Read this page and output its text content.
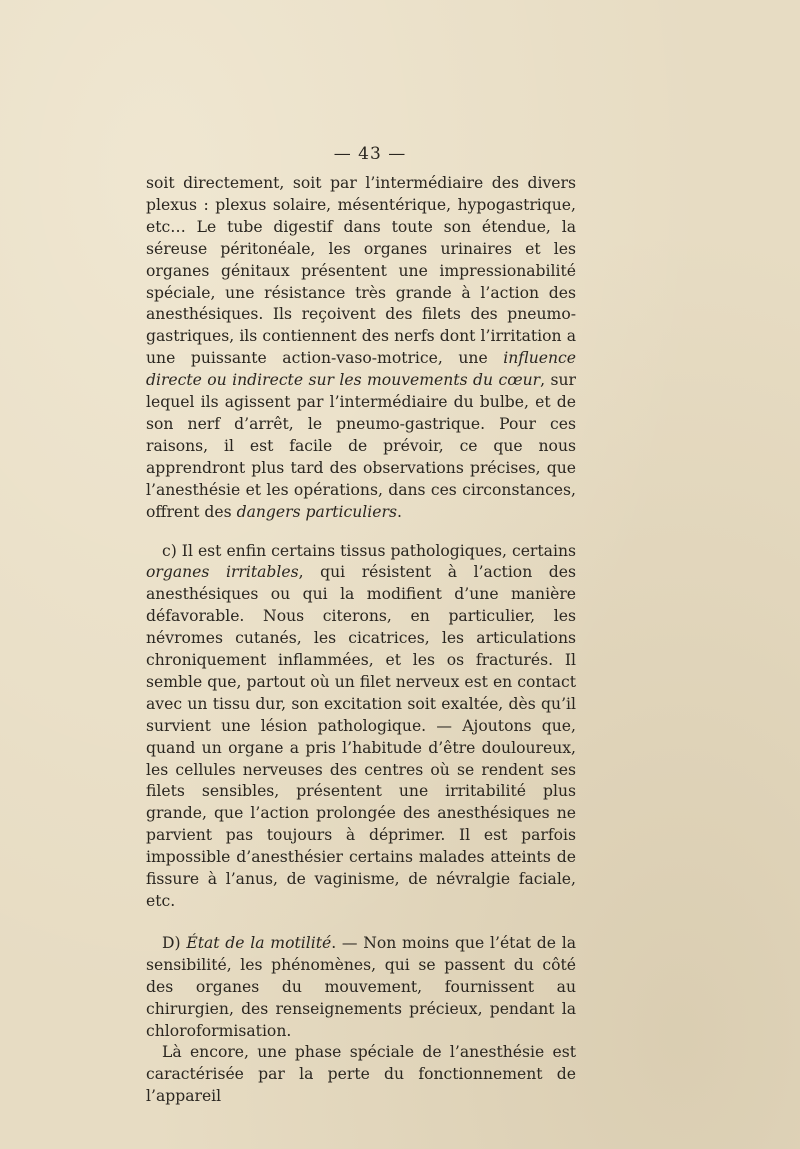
— 43 —

soit directement, soit par l’intermédiaire des divers plexus : plexus solaire, mésentérique, hypogastrique, etc… Le tube digestif dans toute son étendue, la séreuse péritonéale, les organes urinaires et les organes génitaux présentent une impressionabilité spéciale, une résistance très grande à l’action des anesthésiques. Ils reçoivent des filets des pneumo-gastriques, ils contiennent des nerfs dont l’irritation a une puissante action-vaso-motrice, une influence directe ou indirecte sur les mouvements du cœur, sur lequel ils agissent par l’intermédiaire du bulbe, et de son nerf d’arrêt, le pneumo-gastrique. Pour ces raisons, il est facile de prévoir, ce que nous apprendront plus tard des observations précises, que l’anesthésie et les opérations, dans ces circonstances, offrent des dangers particuliers.

c) Il est enfin certains tissus pathologiques, certains organes irritables, qui résistent à l’action des anesthésiques ou qui la modifient d’une manière défavorable. Nous citerons, en particulier, les névromes cutanés, les cicatrices, les articulations chroniquement inflammées, et les os fracturés. Il semble que, partout où un filet nerveux est en contact avec un tissu dur, son excitation soit exaltée, dès qu’il survient une lésion pathologique. — Ajoutons que, quand un organe a pris l’habitude d’être douloureux, les cellules nerveuses des centres où se rendent ses filets sensibles, présentent une irritabilité plus grande, que l’action prolongée des anesthésiques ne parvient pas toujours à déprimer. Il est parfois impossible d’anesthésier certains malades atteints de fissure à l’anus, de vaginisme, de névralgie faciale, etc.

D) État de la motilité. — Non moins que l’état de la sensibilité, les phénomènes, qui se passent du côté des organes du mouvement, fournissent au chirurgien, des renseignements précieux, pendant la chloroformisation.

Là encore, une phase spéciale de l’anesthésie est caractérisée par la perte du fonctionnement de l’appareil
